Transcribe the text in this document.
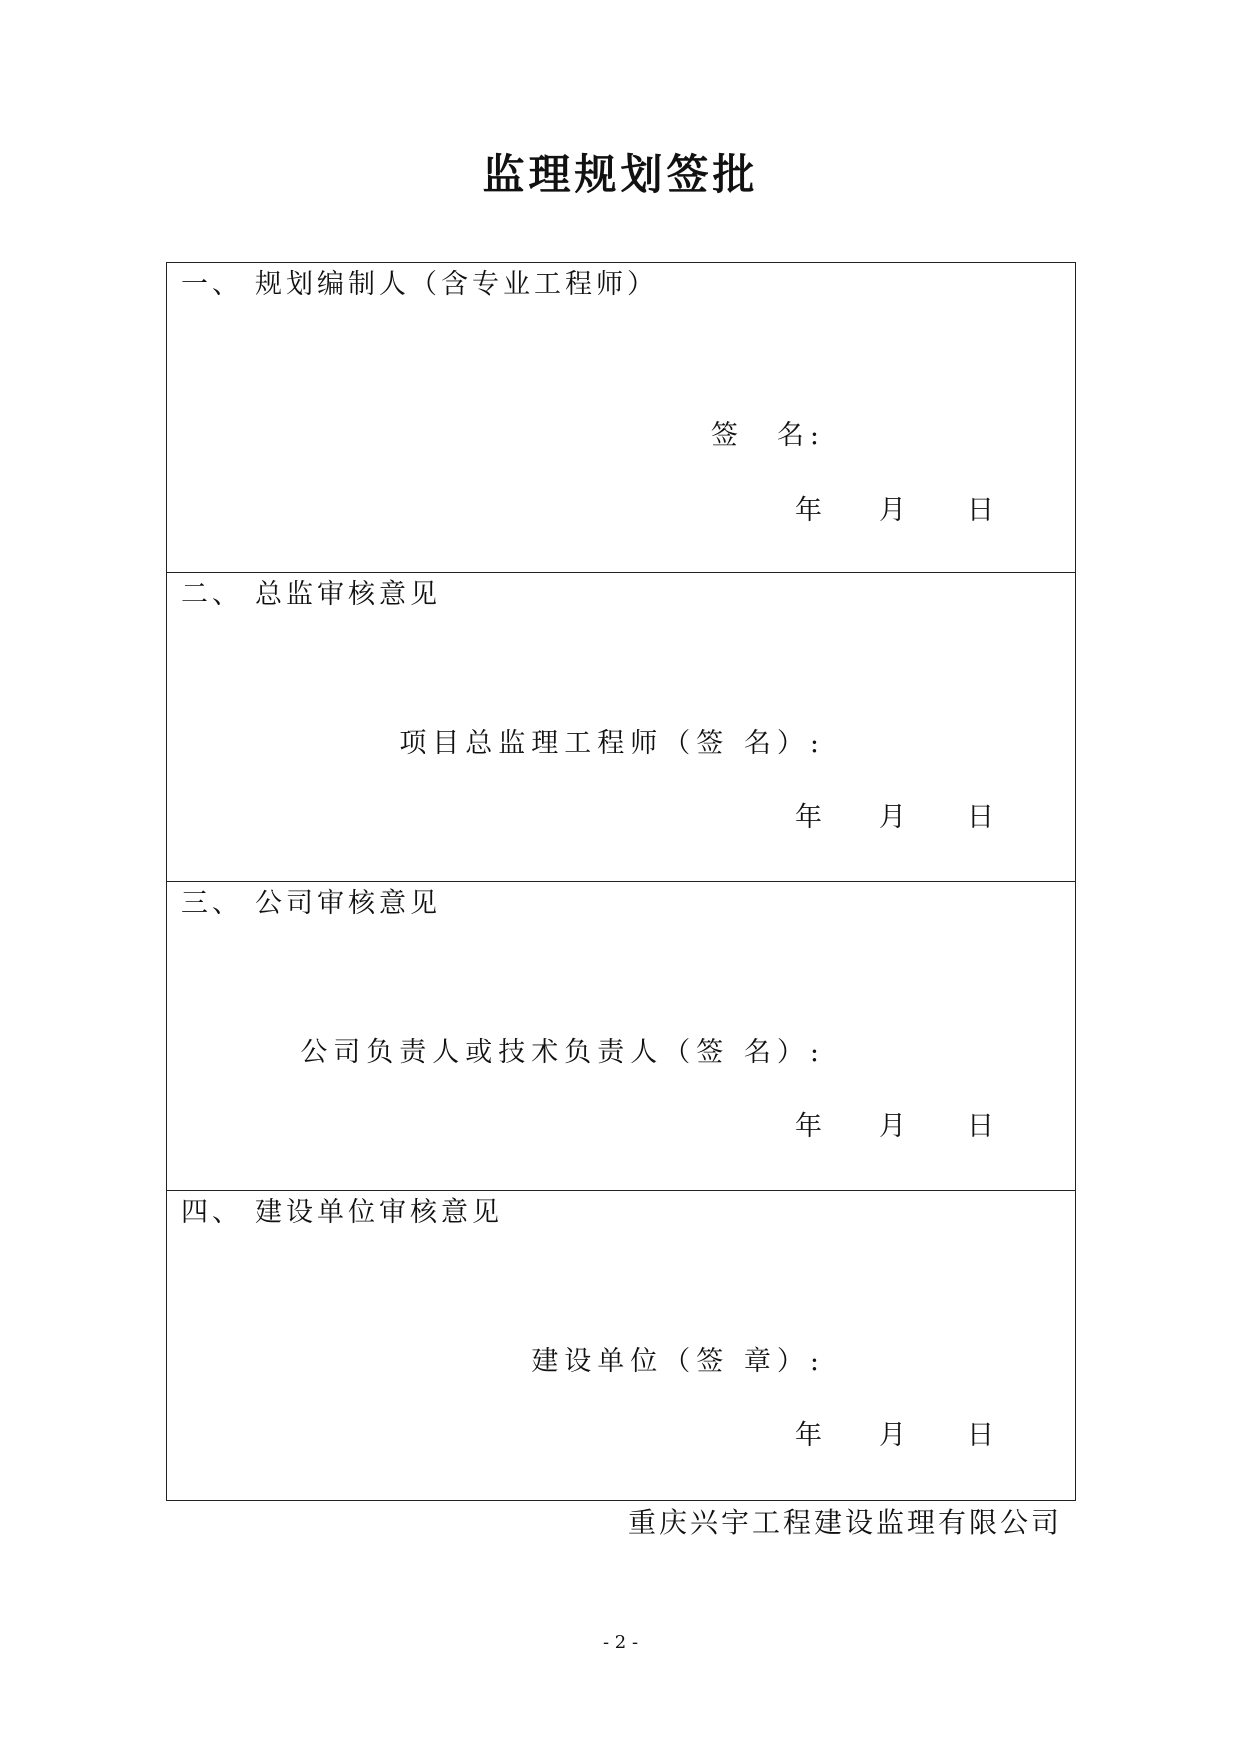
监理规划签批
一、 规划编制人（含专业工程师）
签　名:
年 月 日
二、 总监审核意见
项目总监理工程师（签 名）:
年 月 日
三、 公司审核意见
公司负责人或技术负责人（签 名）:
年 月 日
四、 建设单位审核意见
建设单位（签 章）:
年 月 日
重庆兴宇工程建设监理有限公司
- 2 -
